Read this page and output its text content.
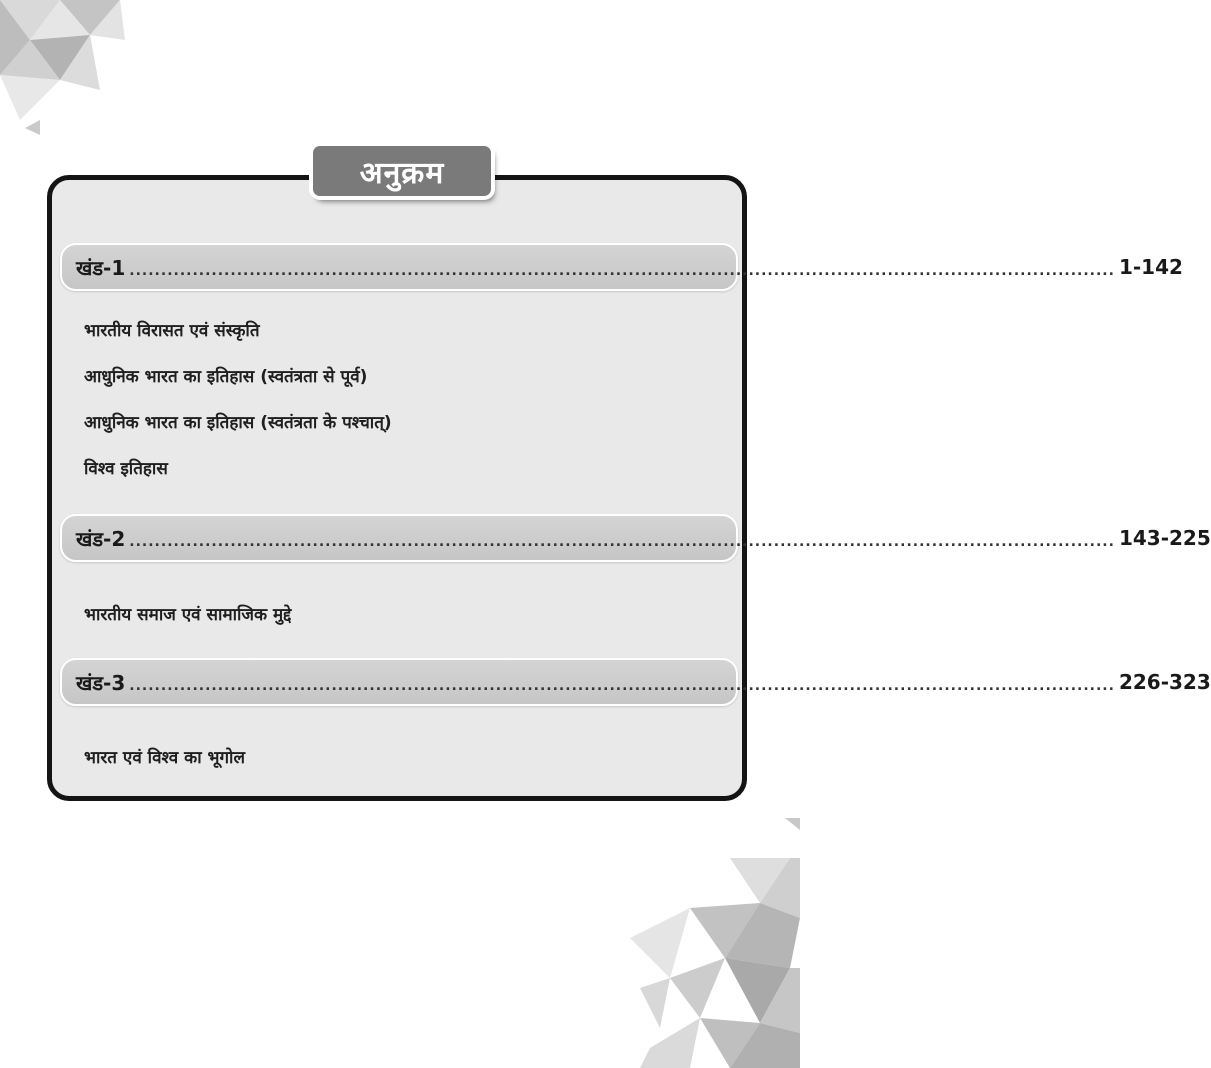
अनुक्रम
खंड-1 ............................................................................................................................................................ 1-142
भारतीय विरासत एवं संस्कृति
आधुनिक भारत का इतिहास (स्वतंत्रता से पूर्व)
आधुनिक भारत का इतिहास (स्वतंत्रता के पश्चात्)
विश्व इतिहास
खंड-2 ............................................................................................................................................................ 143-225
भारतीय समाज एवं सामाजिक मुद्दे
खंड-3 ............................................................................................................................................................ 226-323
भारत एवं विश्व का भूगोल
